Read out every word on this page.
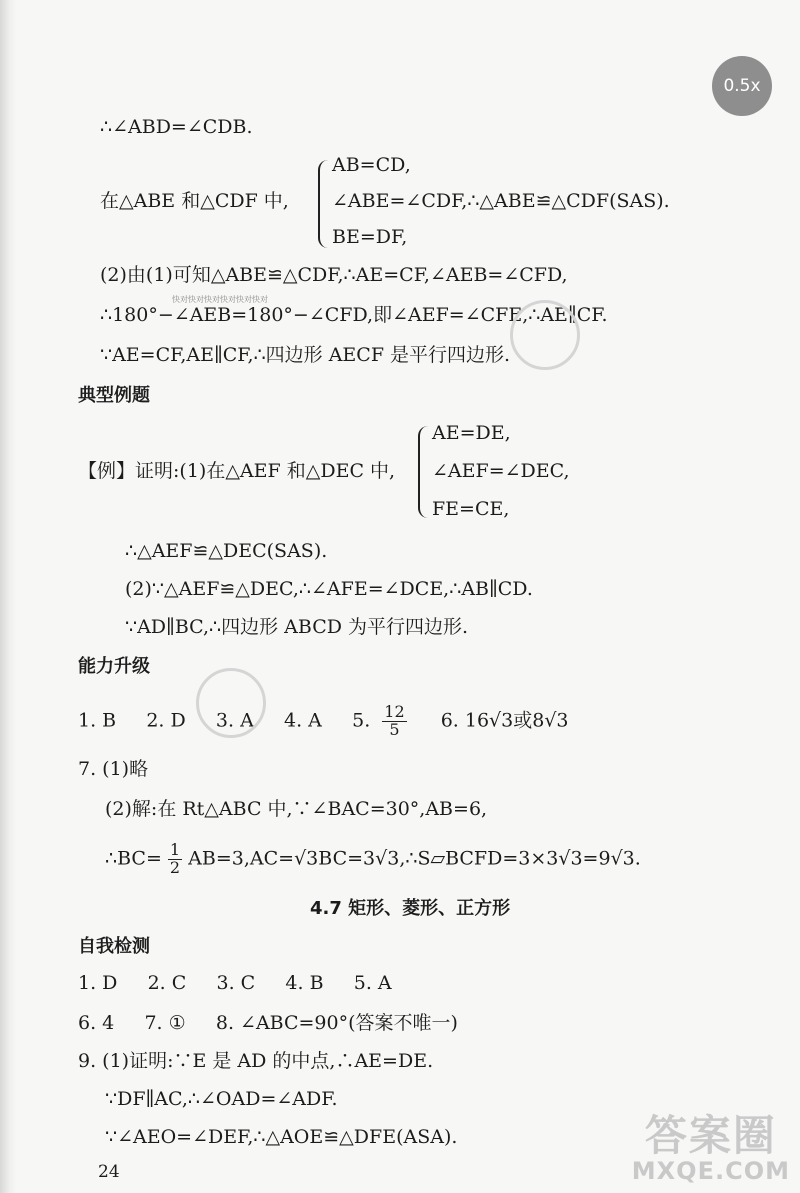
0.5x
∴∠ABD=∠CDB.
在△ABE 和△CDF 中,
AB=CD,
∠ABE=∠CDF,∴△ABE≌△CDF(SAS).
BE=DF,
(2)由(1)可知△ABE≌△CDF,∴AE=CF,∠AEB=∠CFD,
∴180°−∠AEB=180°−∠CFD,即∠AEF=∠CFE,∴AE∥CF.
∵AE=CF,AE∥CF,∴四边形 AECF 是平行四边形.
典型例题
【例】证明:(1)在△AEF 和△DEC 中,
AE=DE,
∠AEF=∠DEC,
FE=CE,
∴△AEF≌△DEC(SAS).
(2)∵△AEF≌△DEC,∴∠AFE=∠DCE,∴AB∥CD.
∵AD∥BC,∴四边形 ABCD 为平行四边形.
能力升级
1. B     2. D     3. A     4. A     5. $\frac{12}{5} 6$. 16√3或8√3
7. (1)略
(2)解:在 Rt△ABC 中,∵∠BAC=30°,AB=6,
∴BC= $\frac{1}{2}$ AB=3,AC=√3BC=3√3,∴S▱BCFD=3×3√3=9√3.
4.7 矩形、菱形、正方形
自我检测
1. D     2. C     3. C     4. B     5. A
6. 4     7. ①     8. ∠ABC=90°(答案不唯一)
9. (1)证明:∵E 是 AD 的中点,∴AE=DE.
∵DF∥AC,∴∠OAD=∠ADF.
∵∠AEO=∠DEF,∴△AOE≌△DFE(ASA).
24
快对快对快对快对快对快对
答案圈
MXQE.COM
